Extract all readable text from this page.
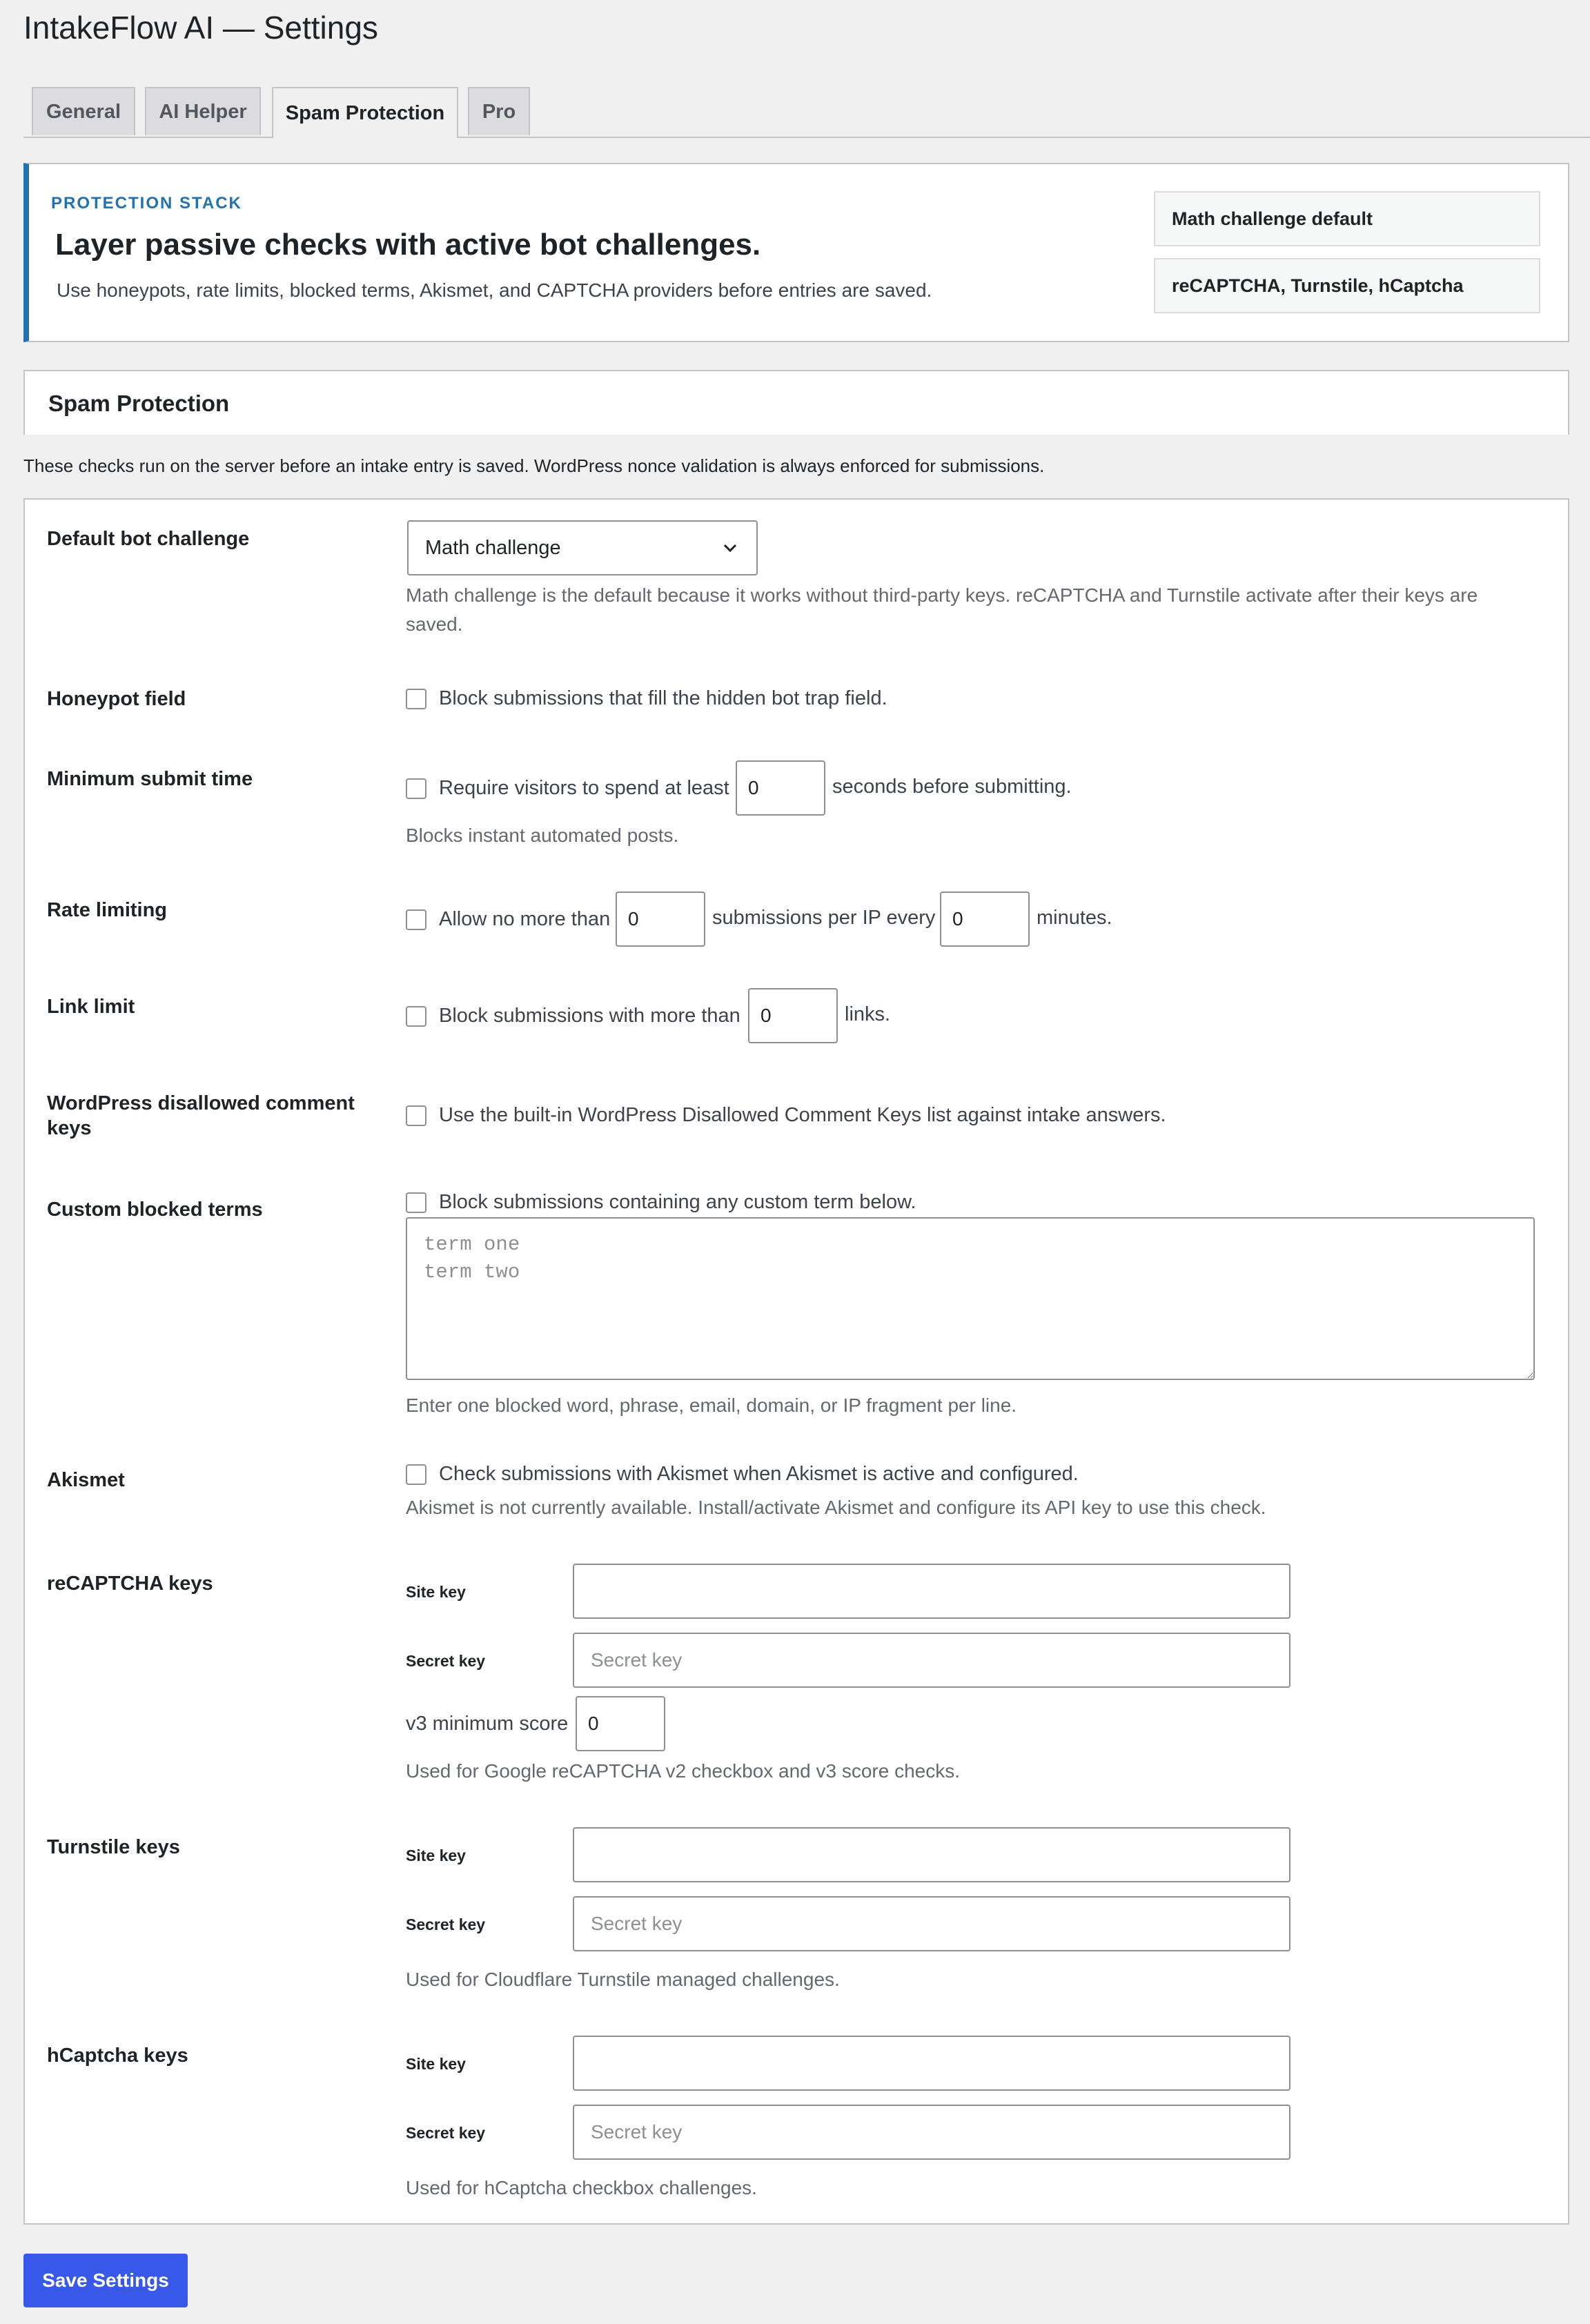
IntakeFlow AI — Settings
General	AI Helper	Spam Protection	Pro
PROTECTION STACK
Layer passive checks with active bot challenges.
Use honeypots, rate limits, blocked terms, Akismet, and CAPTCHA providers before entries are saved.
Math challenge default
reCAPTCHA, Turnstile, hCaptcha
Spam Protection
These checks run on the server before an intake entry is saved. WordPress nonce validation is always enforced for submissions.
Default bot challenge	Math challenge
Math challenge is the default because it works without third-party keys. reCAPTCHA and Turnstile activate after their keys are saved.
Honeypot field	Block submissions that fill the hidden bot trap field.
Minimum submit time	Require visitors to spend at least
0	seconds before submitting.
Blocks instant automated posts.
Rate limiting	Allow no more than
0	submissions per IP every
0	minutes.
Link limit	Block submissions with more than
0	links.
WordPress disallowed comment
keys
Use the built-in WordPress Disallowed Comment Keys list against intake answers.
Custom blocked terms	Block submissions containing any custom term below.
term one term two
Enter one blocked word, phrase, email, domain, or IP fragment per line.
Akismet	Check submissions with Akismet when Akismet is active and configured.
Akismet is not currently available. Install/activate Akismet and configure its API key to use this check.
reCAPTCHA keys	Site key
Secret key
Secret key
v3 minimum score
0
Used for Google reCAPTCHA v2 checkbox and v3 score checks.
Turnstile keys	Site key
Secret key
Secret key
Used for Cloudflare Turnstile managed challenges.
hCaptcha keys	Site key
Secret key
Secret key
Used for hCaptcha checkbox challenges.
Save Settings
